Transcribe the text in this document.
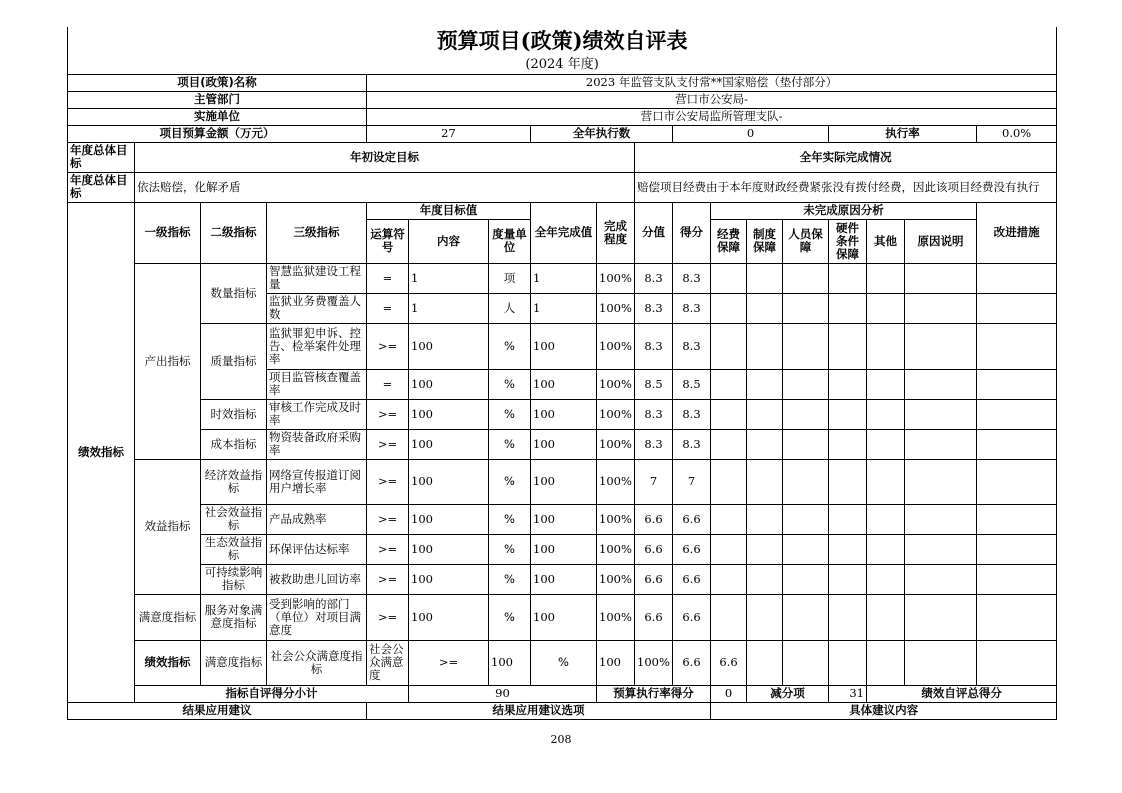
预算项目(政策)绩效自评表																		
(2024 年度)																		
项目(政策)名称				2023 年监管支队支付常**国家赔偿（垫付部分）														
主管部门				营口市公安局-														
实施单位				营口市公安局监所管理支队-														
项目预算金额（万元）				27			全年执行数			0				执行率			0.0%	
年度总体目标	年初设定目标								全年实际完成情况									
年度总体目标	依法赔偿，化解矛盾								赔偿项目经费由于本年度财政经费紧张没有拨付经费，因此该项目经费没有执行									
绩效指标	一级指标	二级指标	三级指标	年度目标值			全年完成值	完成程度	分值	得分	未完成原因分析						改进措施	
				运算符号	内容	度量单位					经费保障	制度保障	人员保障	硬件条件保障	其他	原因说明		
	产出指标	数量指标	智慧监狱建设工程量	=	1	项	1	100%	8.3	8.3								
			监狱业务费覆盖人数	=	1	人	1	100%	8.3	8.3								
		质量指标	监狱罪犯申诉、控告、检举案件处理率	>=	100	%	100	100%	8.3	8.3								
			项目监管核查覆盖率	=	100	%	100	100%	8.5	8.5								
		时效指标	审核工作完成及时率	>=	100	%	100	100%	8.3	8.3								
		成本指标	物资装备政府采购率	>=	100	%	100	100%	8.3	8.3								
	效益指标	经济效益指标	网络宣传报道订阅用户增长率	>=	100	%	100	100%	7	7								
		社会效益指标	产品成熟率	>=	100	%	100	100%	6.6	6.6								
		生态效益指标	环保评估达标率	>=	100	%	100	100%	6.6	6.6								
		可持续影响指标	被救助患儿回访率	>=	100	%	100	100%	6.6	6.6								
	满意度指标	服务对象满意度指标	受到影响的部门（单位）对项目满意度	>=	100	%	100	100%	6.6	6.6								
	绩效指标	满意度指标	社会公众满意度指标	社会公众满意度	>=	100	%	100	100%	6.6	6.6							
	指标自评得分小计				90			预算执行率得分			0	减分项		31	绩效自评总得分	
结果应用建议				结果应用建议选项							具体建议内容							
208
